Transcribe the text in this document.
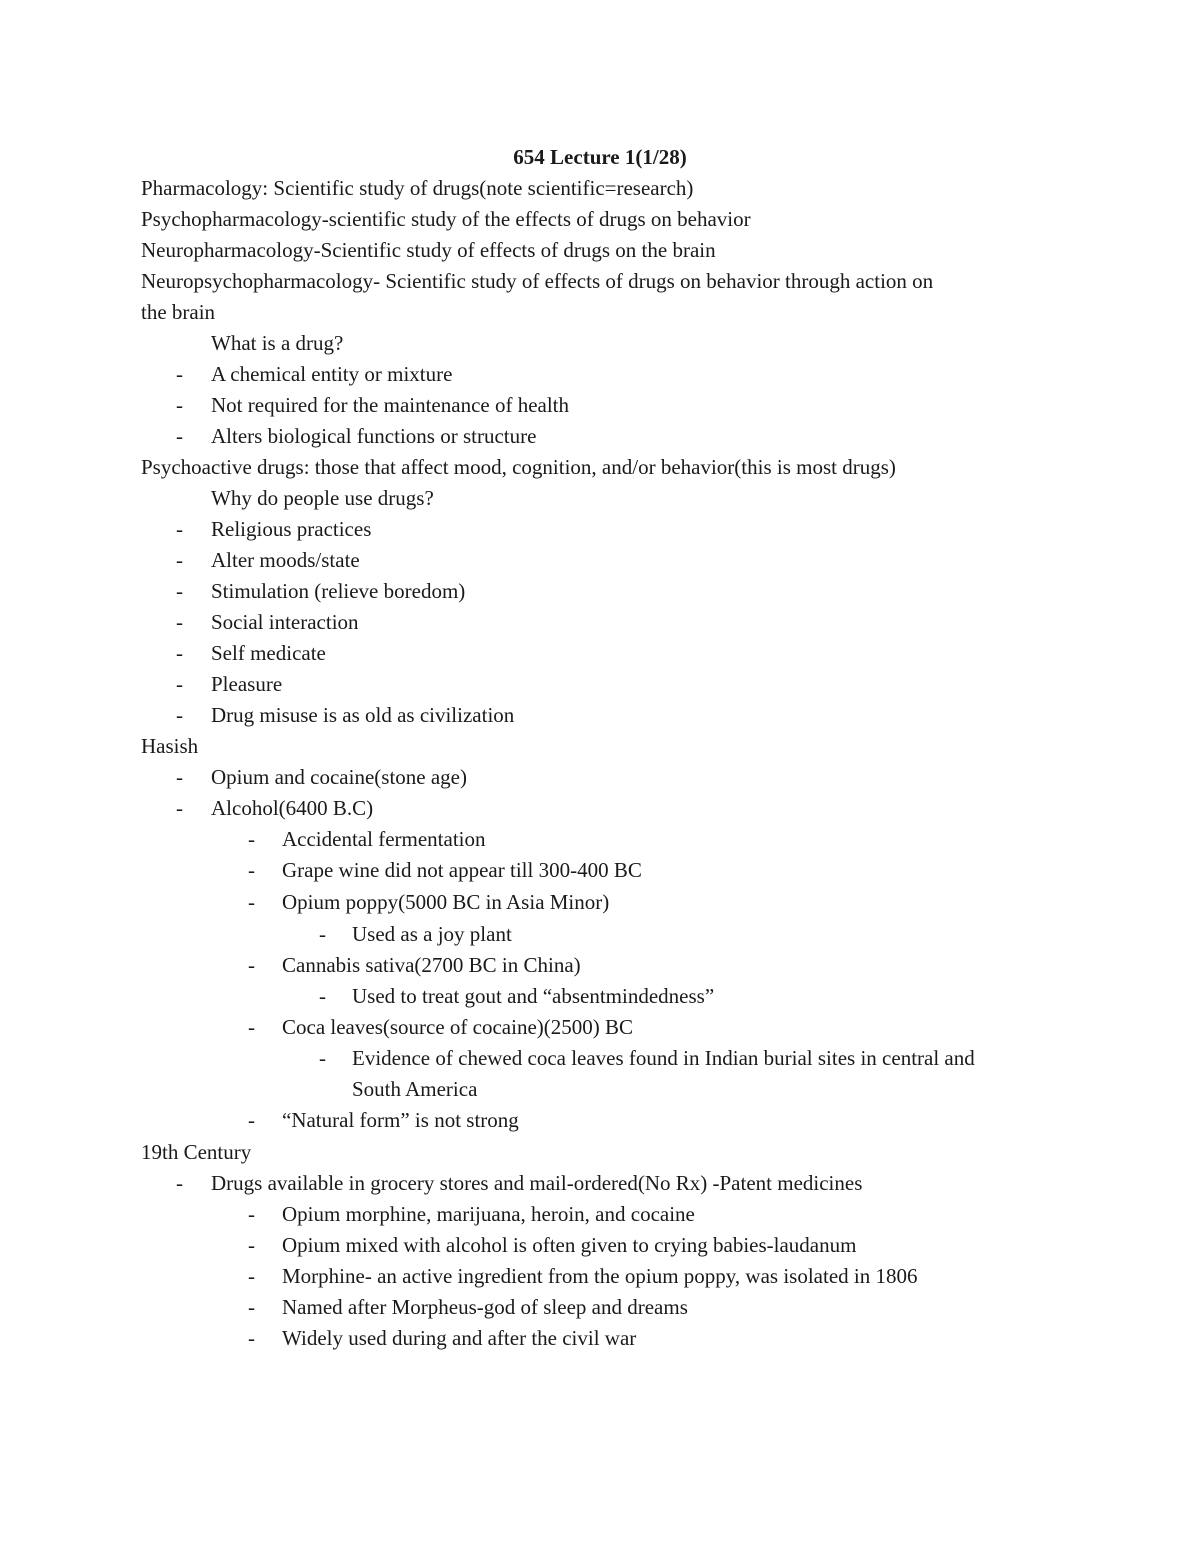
654 Lecture 1(1/28)
Pharmacology: Scientific study of drugs(note scientific=research)
Psychopharmacology-scientific study of the effects of drugs on behavior
Neuropharmacology-Scientific study of effects of drugs on the brain
Neuropsychopharmacology- Scientific study of effects of drugs on behavior through action on
the brain
What is a drug?
- A chemical entity or mixture
- Not required for the maintenance of health
- Alters biological functions or structure
Psychoactive drugs: those that affect mood, cognition, and/or behavior(this is most drugs)
Why do people use drugs?
- Religious practices
- Alter moods/state
- Stimulation (relieve boredom)
- Social interaction
- Self medicate
- Pleasure
- Drug misuse is as old as civilization
Hasish
- Opium and cocaine(stone age)
- Alcohol(6400 B.C)
- Accidental fermentation
- Grape wine did not appear till 300-400 BC
- Opium poppy(5000 BC in Asia Minor)
- Used as a joy plant
- Cannabis sativa(2700 BC in China)
- Used to treat gout and “absentmindedness”
- Coca leaves(source of cocaine)(2500) BC
- Evidence of chewed coca leaves found in Indian burial sites in central and
South America
- “Natural form” is not strong
19th Century
- Drugs available in grocery stores and mail-ordered(No Rx) -Patent medicines
- Opium morphine, marijuana, heroin, and cocaine
- Opium mixed with alcohol is often given to crying babies-laudanum
- Morphine- an active ingredient from the opium poppy, was isolated in 1806
- Named after Morpheus-god of sleep and dreams
- Widely used during and after the civil war
